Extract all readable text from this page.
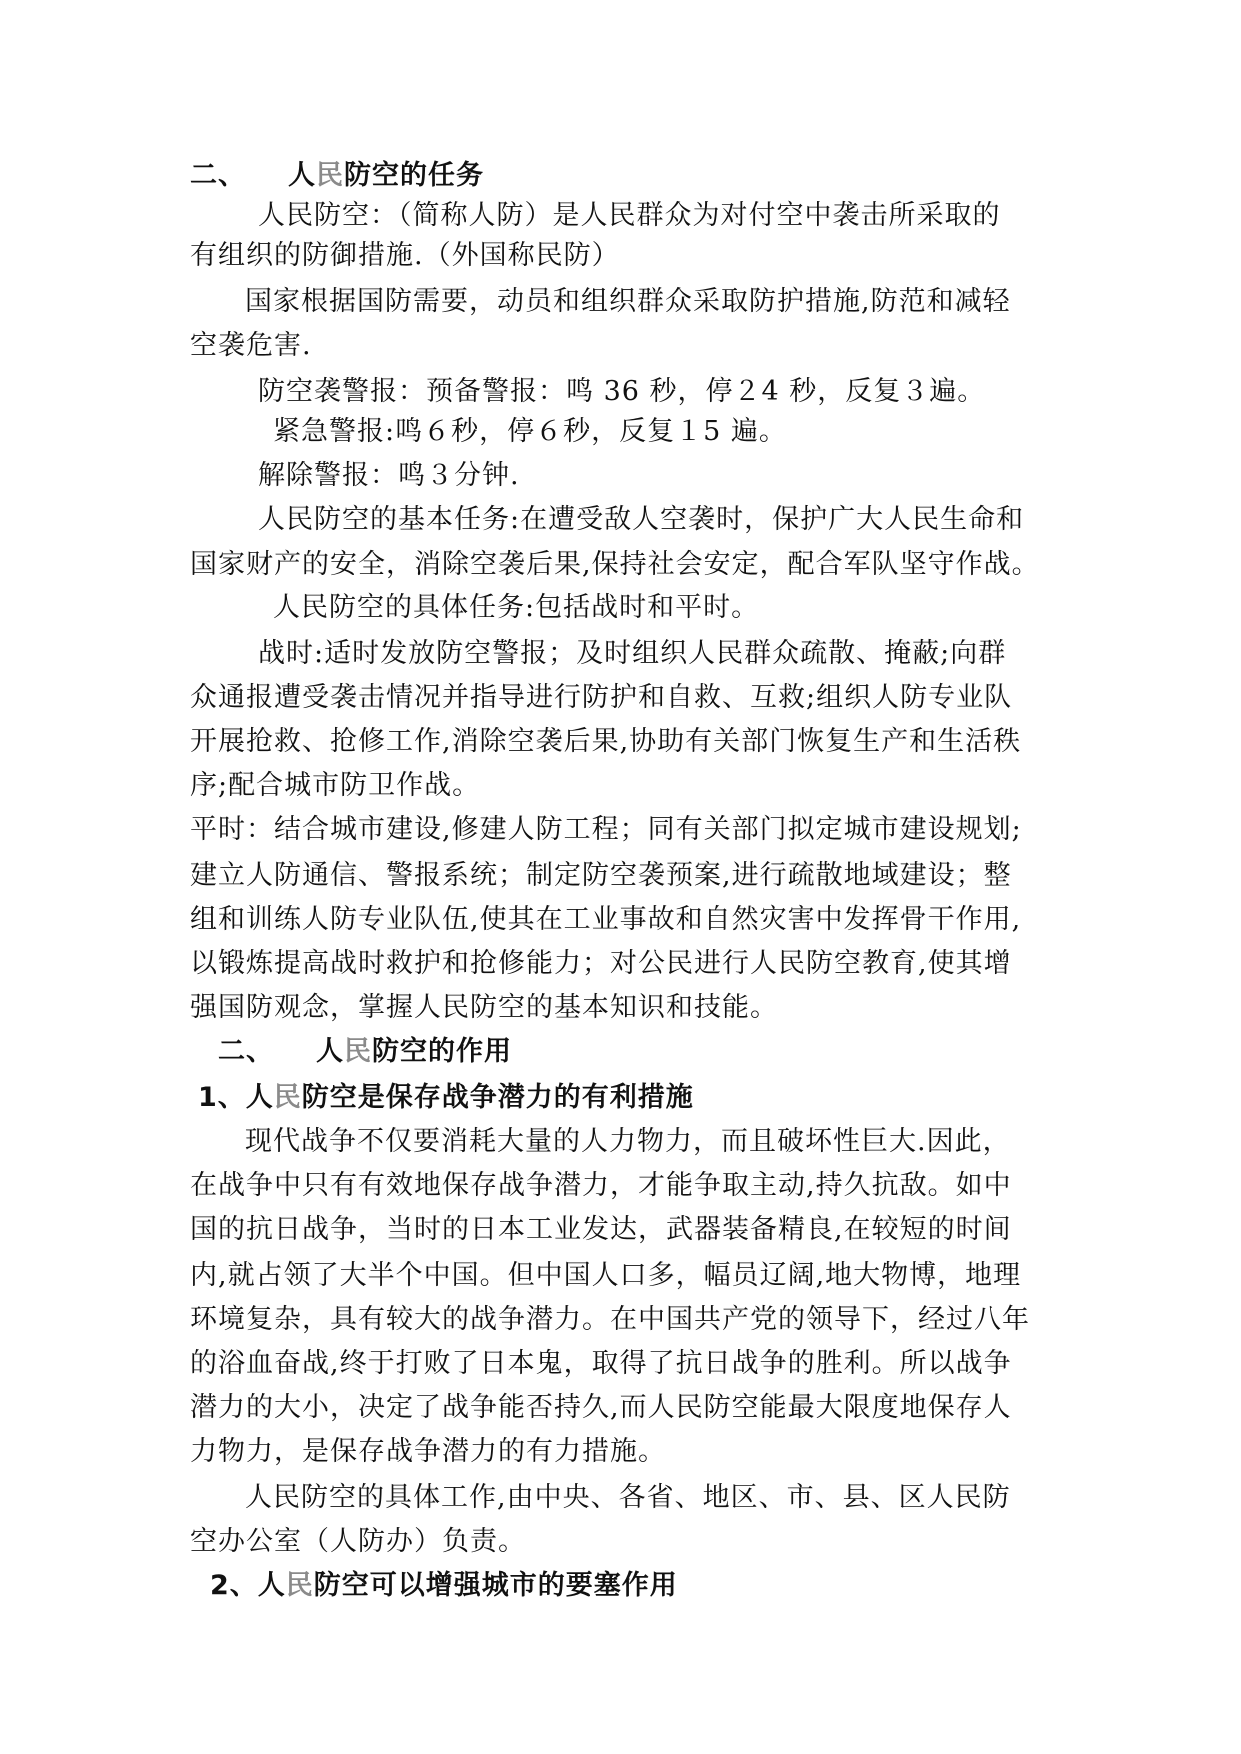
二、 人民防空的任务
人民防空：（简称人防）是人民群众为对付空中袭击所采取的
有组织的防御措施.（外国称民防）
国家根据国防需要，动员和组织群众采取防护措施,防范和减轻
空袭危害.
防空袭警报：预备警报：鸣 36 秒，停２4 秒，反复３遍。
紧急警报:鸣６秒，停６秒，反复１5 遍。
解除警报：鸣３分钟.
人民防空的基本任务:在遭受敌人空袭时，保护广大人民生命和
国家财产的安全，消除空袭后果,保持社会安定，配合军队坚守作战。
人民防空的具体任务:包括战时和平时。
战时:适时发放防空警报；及时组织人民群众疏散、掩蔽;向群
众通报遭受袭击情况并指导进行防护和自救、互救;组织人防专业队
开展抢救、抢修工作,消除空袭后果,协助有关部门恢复生产和生活秩
序;配合城市防卫作战。
平时：结合城市建设,修建人防工程；同有关部门拟定城市建设规划;
建立人防通信、警报系统；制定防空袭预案,进行疏散地域建设；整
组和训练人防专业队伍,使其在工业事故和自然灾害中发挥骨干作用,
以锻炼提高战时救护和抢修能力；对公民进行人民防空教育,使其增
强国防观念，掌握人民防空的基本知识和技能。
二、 人民防空的作用
1、人民防空是保存战争潜力的有利措施
现代战争不仅要消耗大量的人力物力，而且破坏性巨大.因此，
在战争中只有有效地保存战争潜力，才能争取主动,持久抗敌。如中
国的抗日战争，当时的日本工业发达，武器装备精良,在较短的时间
内,就占领了大半个中国。但中国人口多，幅员辽阔,地大物博，地理
环境复杂，具有较大的战争潜力。在中国共产党的领导下，经过八年
的浴血奋战,终于打败了日本鬼，取得了抗日战争的胜利。所以战争
潜力的大小，决定了战争能否持久,而人民防空能最大限度地保存人
力物力，是保存战争潜力的有力措施。
人民防空的具体工作,由中央、各省、地区、市、县、区人民防
空办公室（人防办）负责。
2、人民防空可以增强城市的要塞作用
